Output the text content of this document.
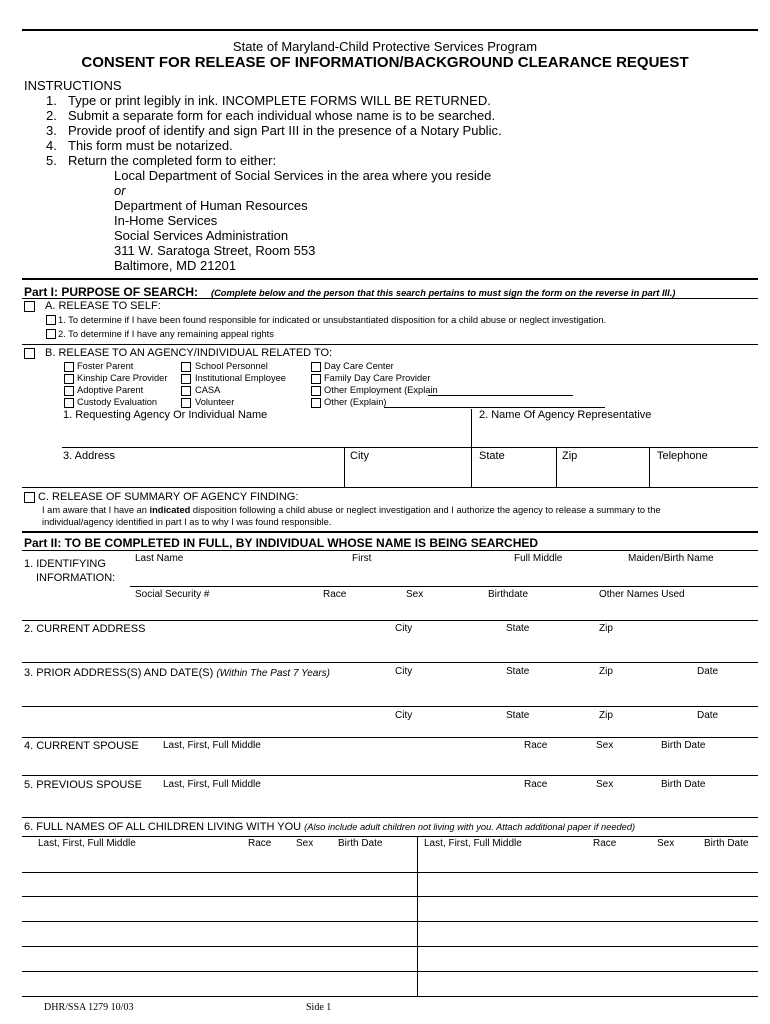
State of Maryland-Child Protective Services Program
CONSENT FOR RELEASE OF INFORMATION/BACKGROUND CLEARANCE REQUEST
INSTRUCTIONS
1. Type or print legibly in ink. INCOMPLETE FORMS WILL BE RETURNED.
2. Submit a separate form for each individual whose name is to be searched.
3. Provide proof of identify and sign Part III in the presence of a Notary Public.
4. This form must be notarized.
5. Return the completed form to either:
Local Department of Social Services in the area where you reside
or
Department of Human Resources
In-Home Services
Social Services Administration
311 W. Saratoga Street, Room 553
Baltimore, MD 21201
Part I: PURPOSE OF SEARCH: (Complete below and the person that this search pertains to must sign the form on the reverse in part III.)
A. RELEASE TO SELF:
1. To determine if I have been found responsible for indicated or unsubstantiated disposition for a child abuse or neglect investigation.
2. To determine if I have any remaining appeal rights
B. RELEASE TO AN AGENCY/INDIVIDUAL RELATED TO:
Foster Parent
Kinship Care Provider
Adoptive Parent
Custody Evaluation
School Personnel
Institutional Employee
CASA
Volunteer
Day Care Center
Family Day Care Provider
Other Employment (Explain
Other (Explain)
1. Requesting Agency Or Individual Name	2. Name Of Agency Representative
3. Address	City	State	Zip	Telephone
C. RELEASE OF SUMMARY OF AGENCY FINDING:
I am aware that I have an indicated disposition following a child abuse or neglect investigation and I authorize the agency to release a summary to the
individual/agency identified in part I as to why I was found responsible.
Part II: TO BE COMPLETED IN FULL, BY INDIVIDUAL WHOSE NAME IS BEING SEARCHED
1. IDENTIFYING
INFORMATION:
Last Name	First	Full Middle	Maiden/Birth Name
Social Security #	Race	Sex	Birthdate	Other Names Used
2. CURRENT ADDRESS	City	State	Zip
3. PRIOR ADDRESS(S) AND DATE(S) (Within The Past 7 Years)	City	State	Zip	Date
City	State	Zip	Date
4. CURRENT SPOUSE Last, First, Full Middle	Race	Sex	Birth Date
5. PREVIOUS SPOUSE Last, First, Full Middle	Race	Sex	Birth Date
6. FULL NAMES OF ALL CHILDREN LIVING WITH YOU (Also include adult children not living with you. Attach additional paper if needed)
Last, First, Full Middle	Race Sex Birth Date	Last, First, Full Middle	Race	Sex	Birth Date
DHR/SSA 1279 10/03	Side 1
